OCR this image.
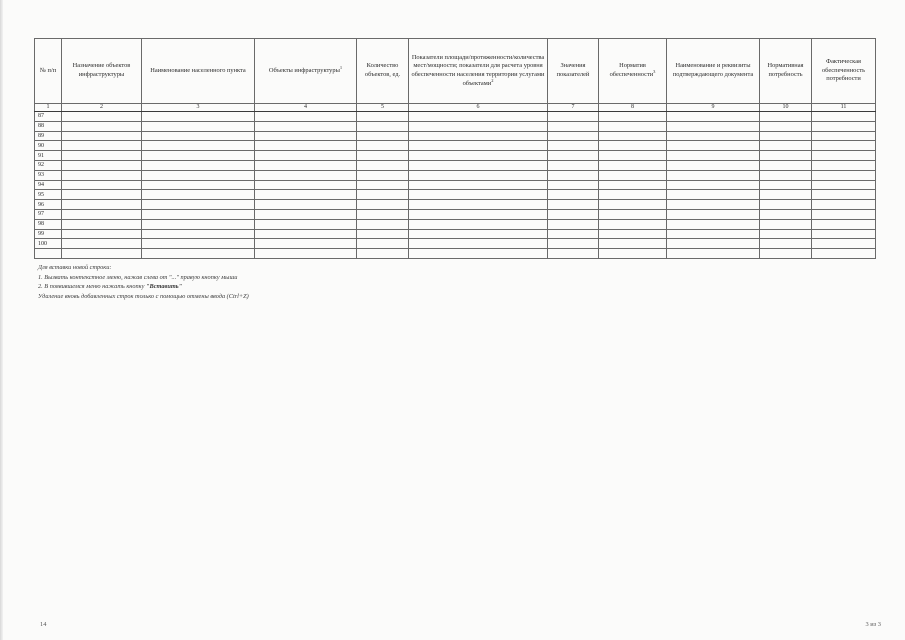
№ п/п	Назначение объектов инфраструктуры	Наименование населенного пункта	Объекты инфраструктуры$^1$	Количество объектов, ед.	Показатели площади/протяженности/количества мест/мощности; показатели для расчета уровня обеспеченности населения территории услугами объектами$^2$	Значения показателей	Норматив обеспеченности$^3$	Наименование и реквизиты подтверждающего документа	Нормативная потребность	Фактическая обеспеченность потребности
1	2	3	4	5	6	7	8	9	10	11
87										
88										
89										
90										
91										
92										
93										
94										
95										
96										
97										
98										
99										
100										

Для вставки новой строки:
1. Вызвать контекстное меню, нажав слева от "..." правую кнопку мыши
2. В появившемся меню нажать кнопку "Вставить"
Удаление вновь добавленных строк только с помощью отмены ввода (Ctrl+Z)
14	3 из 3
